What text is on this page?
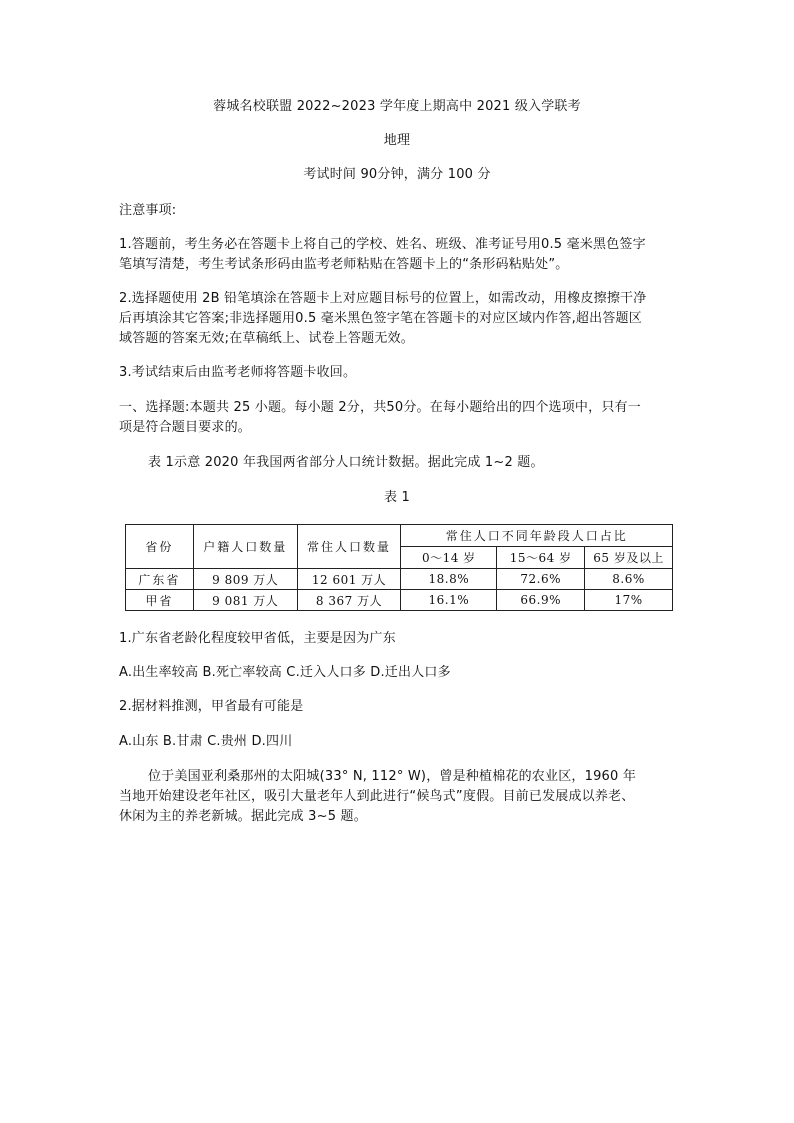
蓉城名校联盟 2022~2023 学年度上期高中 2021 级入学联考
地理
考试时间 90分钟，满分 100 分
注意事项:
1.答题前，考生务必在答题卡上将自己的学校、姓名、班级、准考证号用0.5 毫米黑色签字
笔填写清楚，考生考试条形码由监考老师粘贴在答题卡上的“条形码粘贴处”。
2.选择题使用 2B 铅笔填涂在答题卡上对应题目标号的位置上，如需改动，用橡皮擦擦干净
后再填涂其它答案;非选择题用0.5 毫米黑色签字笔在答题卡的对应区域内作答,超出答题区
域答题的答案无效;在草稿纸上、试卷上答题无效。
3.考试结束后由监考老师将答题卡收回。
一、选择题:本题共 25 小题。每小题 2分，共50分。在每小题给出的四个选项中，只有一
项是符合题目要求的。
表 1示意 2020 年我国两省部分人口统计数据。据此完成 1~2 题。
表 1
省份	户籍人口数量	常住人口数量	常住人口不同年龄段人口占比		
			0～14 岁	15～64 岁	65 岁及以上
广东省	9 809 万人	12 601 万人	18.8%	72.6%	8.6%
甲省	9 081 万人	8 367 万人	16.1%	66.9%	17%
1.广东省老龄化程度较甲省低，主要是因为广东
A.出生率较高 B.死亡率较高 C.迁入人口多 D.迁出人口多
2.据材料推测，甲省最有可能是
A.山东 B.甘肃 C.贵州 D.四川
位于美国亚利桑那州的太阳城(33° N, 112° W)，曾是种植棉花的农业区，1960 年
当地开始建设老年社区，吸引大量老年人到此进行“候鸟式”度假。目前已发展成以养老、
休闲为主的养老新城。据此完成 3~5 题。
